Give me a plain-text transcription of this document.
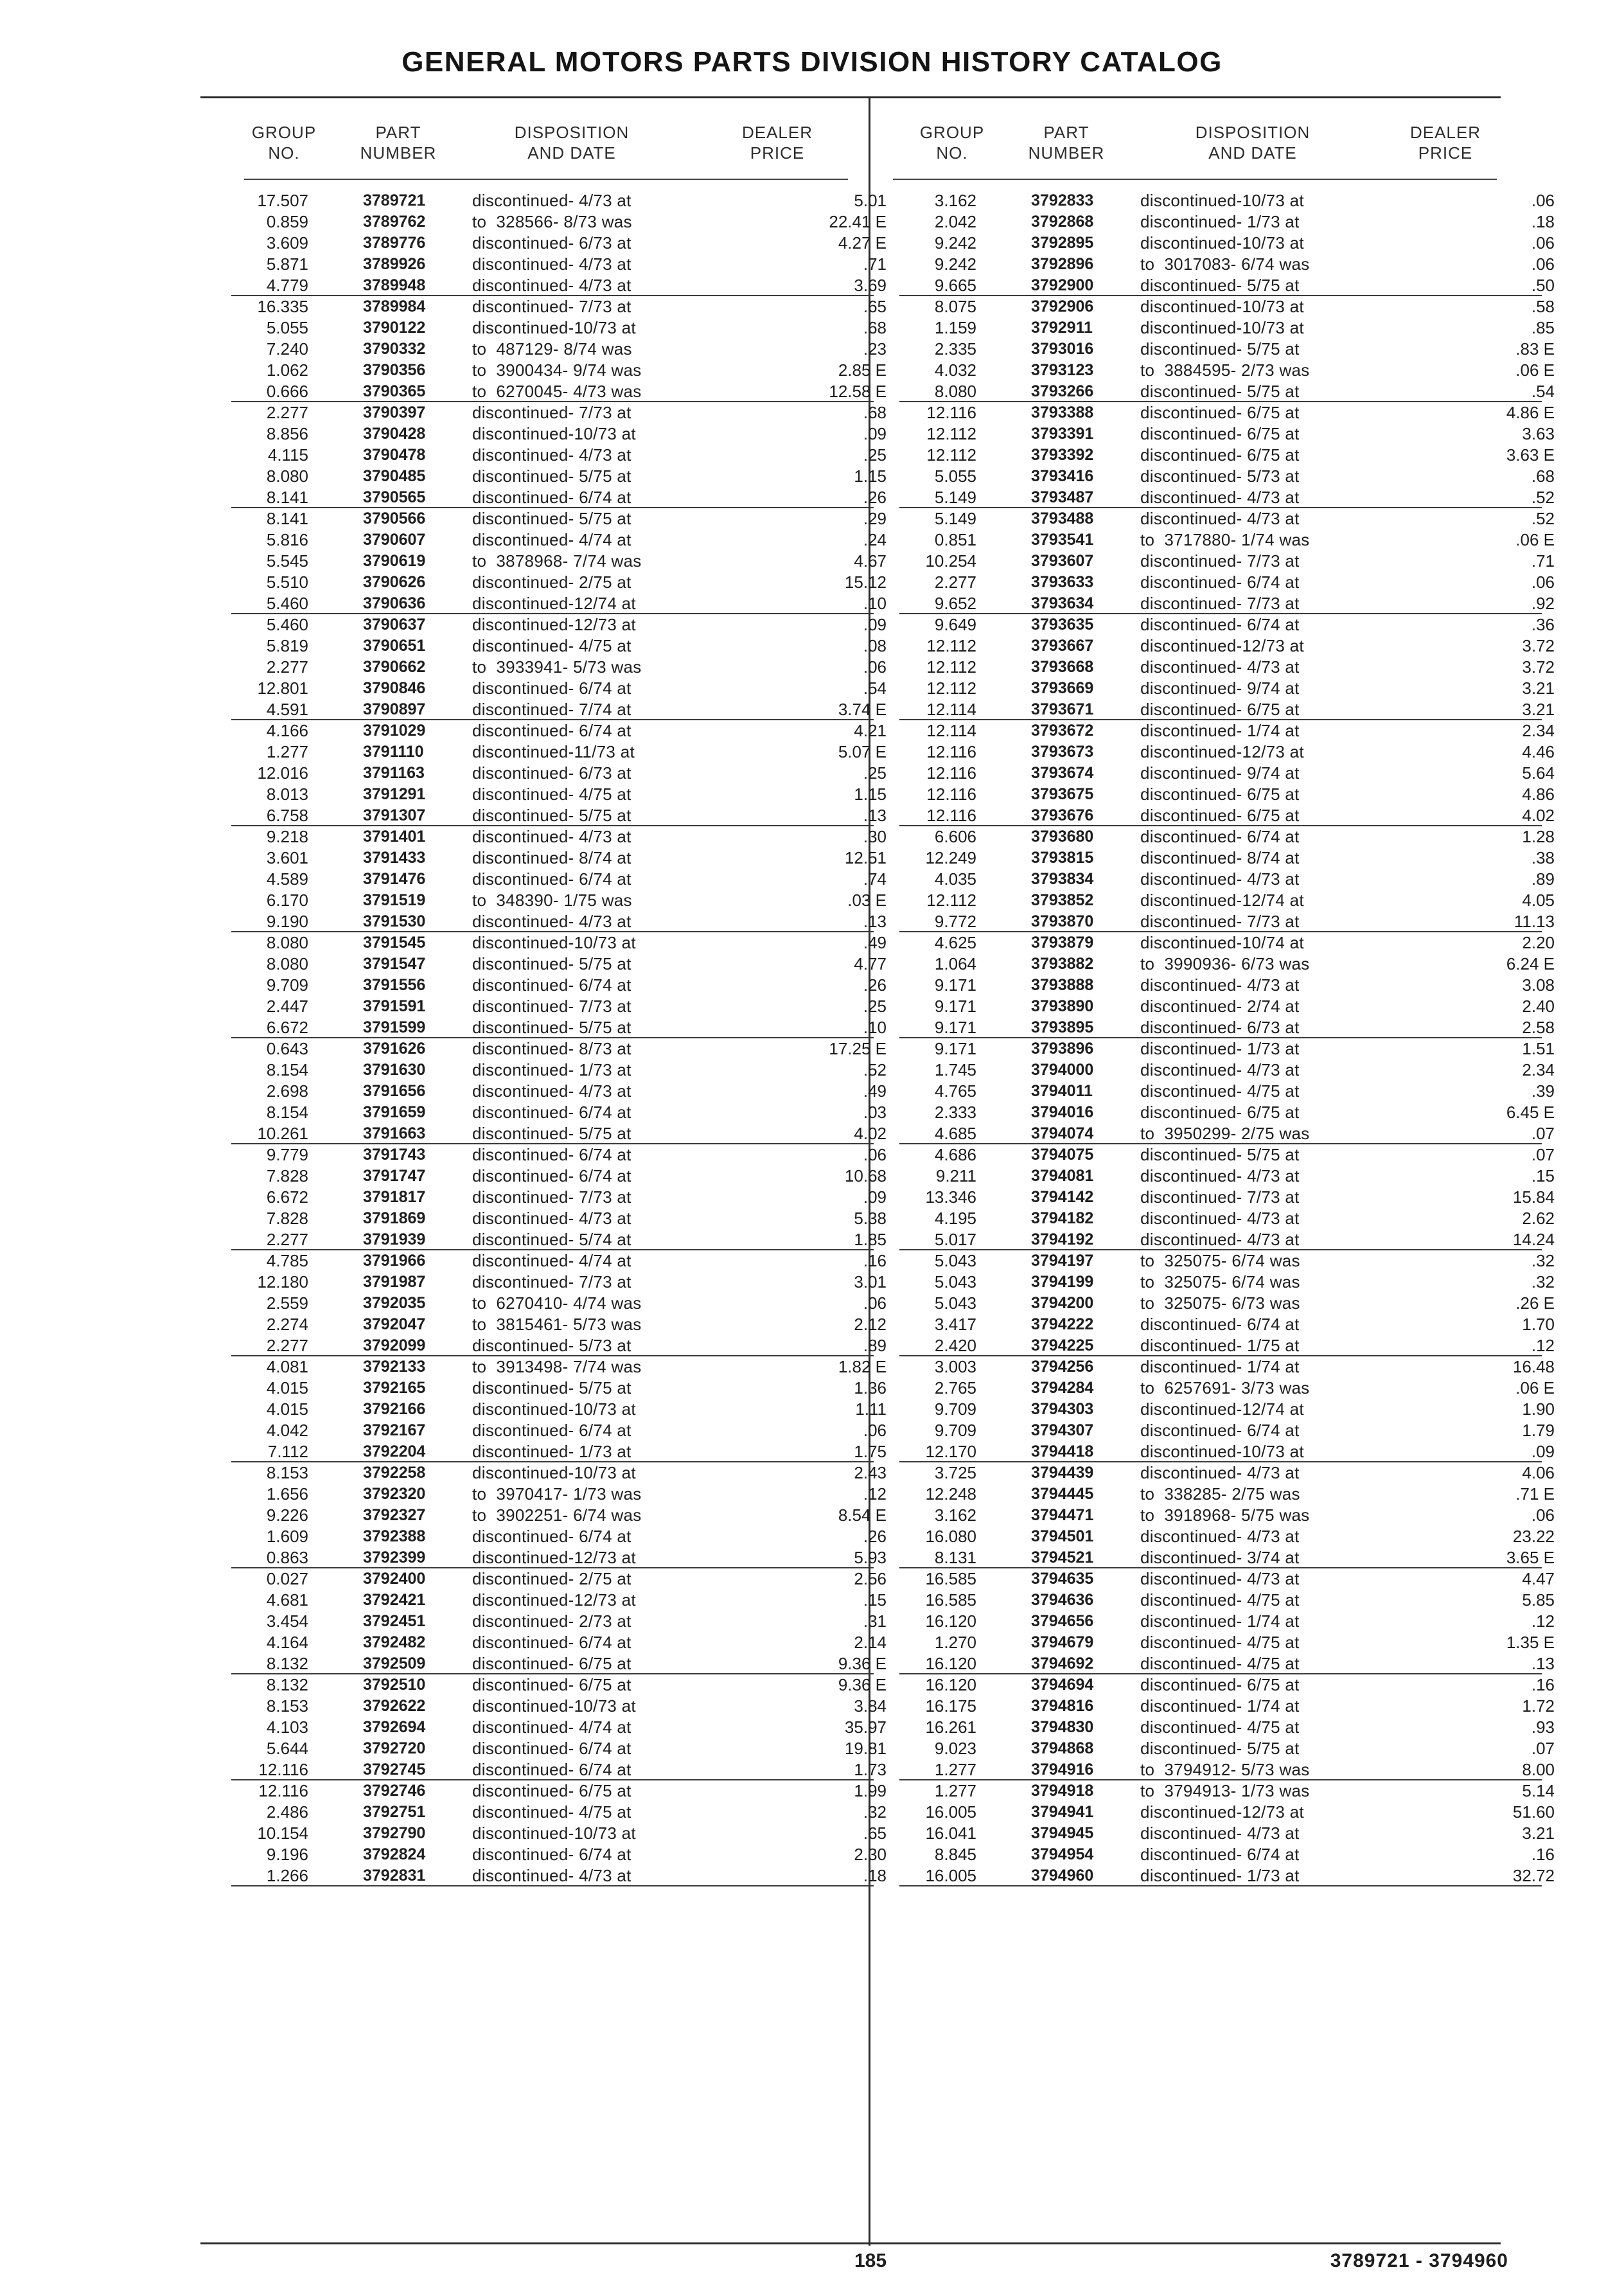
GENERAL MOTORS PARTS DIVISION HISTORY CATALOG
GROUP
NO.
PART
NUMBER
DISPOSITION
AND DATE
DEALER
PRICE
GROUP
NO.
PART
NUMBER
DISPOSITION
AND DATE
DEALER
PRICE
17.507	3789721	discontinued- 4/73 at	5.01
0.859	3789762	to  328566- 8/73 was	22.41 E
3.609	3789776	discontinued- 6/73 at	4.27 E
5.871	3789926	discontinued- 4/73 at	.71
4.779	3789948	discontinued- 4/73 at	3.69
16.335	3789984	discontinued- 7/73 at	.65
5.055	3790122	discontinued-10/73 at	.68
7.240	3790332	to  487129- 8/74 was	.23
1.062	3790356	to  3900434- 9/74 was	2.85 E
0.666	3790365	to  6270045- 4/73 was	12.58 E
2.277	3790397	discontinued- 7/73 at	.68
8.856	3790428	discontinued-10/73 at	.09
4.115	3790478	discontinued- 4/73 at	.25
8.080	3790485	discontinued- 5/75 at	1.15
8.141	3790565	discontinued- 6/74 at	.26
8.141	3790566	discontinued- 5/75 at	.29
5.816	3790607	discontinued- 4/74 at	.24
5.545	3790619	to  3878968- 7/74 was	4.67
5.510	3790626	discontinued- 2/75 at	15.12
5.460	3790636	discontinued-12/74 at	.10
5.460	3790637	discontinued-12/73 at	.09
5.819	3790651	discontinued- 4/75 at	.08
2.277	3790662	to  3933941- 5/73 was	.06
12.801	3790846	discontinued- 6/74 at	.54
4.591	3790897	discontinued- 7/74 at	3.74 E
4.166	3791029	discontinued- 6/74 at	4.21
1.277	3791110	discontinued-11/73 at	5.07 E
12.016	3791163	discontinued- 6/73 at	.25
8.013	3791291	discontinued- 4/75 at	1.15
6.758	3791307	discontinued- 5/75 at	.13
9.218	3791401	discontinued- 4/73 at	.30
3.601	3791433	discontinued- 8/74 at	12.51
4.589	3791476	discontinued- 6/74 at	.74
6.170	3791519	to  348390- 1/75 was	.03 E
9.190	3791530	discontinued- 4/73 at	.13
8.080	3791545	discontinued-10/73 at	.49
8.080	3791547	discontinued- 5/75 at	4.77
9.709	3791556	discontinued- 6/74 at	.26
2.447	3791591	discontinued- 7/73 at	.25
6.672	3791599	discontinued- 5/75 at	.10
0.643	3791626	discontinued- 8/73 at	17.25 E
8.154	3791630	discontinued- 1/73 at	.52
2.698	3791656	discontinued- 4/73 at	.49
8.154	3791659	discontinued- 6/74 at	.03
10.261	3791663	discontinued- 5/75 at	4.02
9.779	3791743	discontinued- 6/74 at	.06
7.828	3791747	discontinued- 6/74 at	10.68
6.672	3791817	discontinued- 7/73 at	.09
7.828	3791869	discontinued- 4/73 at	5.38
2.277	3791939	discontinued- 5/74 at	1.85
4.785	3791966	discontinued- 4/74 at	.16
12.180	3791987	discontinued- 7/73 at	3.01
2.559	3792035	to  6270410- 4/74 was	.06
2.274	3792047	to  3815461- 5/73 was	2.12
2.277	3792099	discontinued- 5/73 at	.89
4.081	3792133	to  3913498- 7/74 was	1.82 E
4.015	3792165	discontinued- 5/75 at	1.36
4.015	3792166	discontinued-10/73 at	1.11
4.042	3792167	discontinued- 6/74 at	.06
7.112	3792204	discontinued- 1/73 at	1.75
8.153	3792258	discontinued-10/73 at	2.43
1.656	3792320	to  3970417- 1/73 was	.12
9.226	3792327	to  3902251- 6/74 was	8.54 E
1.609	3792388	discontinued- 6/74 at	.26
0.863	3792399	discontinued-12/73 at	5.93
0.027	3792400	discontinued- 2/75 at	2.56
4.681	3792421	discontinued-12/73 at	.15
3.454	3792451	discontinued- 2/73 at	.31
4.164	3792482	discontinued- 6/74 at	2.14
8.132	3792509	discontinued- 6/75 at	9.36 E
8.132	3792510	discontinued- 6/75 at	9.36 E
8.153	3792622	discontinued-10/73 at	3.84
4.103	3792694	discontinued- 4/74 at	35.97
5.644	3792720	discontinued- 6/74 at	19.81
12.116	3792745	discontinued- 6/74 at	1.73
12.116	3792746	discontinued- 6/75 at	1.99
2.486	3792751	discontinued- 4/75 at	.32
10.154	3792790	discontinued-10/73 at	.65
9.196	3792824	discontinued- 6/74 at	2.30
1.266	3792831	discontinued- 4/73 at	.18
3.162	3792833	discontinued-10/73 at	.06
2.042	3792868	discontinued- 1/73 at	.18
9.242	3792895	discontinued-10/73 at	.06
9.242	3792896	to  3017083- 6/74 was	.06
9.665	3792900	discontinued- 5/75 at	.50
8.075	3792906	discontinued-10/73 at	.58
1.159	3792911	discontinued-10/73 at	.85
2.335	3793016	discontinued- 5/75 at	.83 E
4.032	3793123	to  3884595- 2/73 was	.06 E
8.080	3793266	discontinued- 5/75 at	.54
12.116	3793388	discontinued- 6/75 at	4.86 E
12.112	3793391	discontinued- 6/75 at	3.63
12.112	3793392	discontinued- 6/75 at	3.63 E
5.055	3793416	discontinued- 5/73 at	.68
5.149	3793487	discontinued- 4/73 at	.52
5.149	3793488	discontinued- 4/73 at	.52
0.851	3793541	to  3717880- 1/74 was	.06 E
10.254	3793607	discontinued- 7/73 at	.71
2.277	3793633	discontinued- 6/74 at	.06
9.652	3793634	discontinued- 7/73 at	.92
9.649	3793635	discontinued- 6/74 at	.36
12.112	3793667	discontinued-12/73 at	3.72
12.112	3793668	discontinued- 4/73 at	3.72
12.112	3793669	discontinued- 9/74 at	3.21
12.114	3793671	discontinued- 6/75 at	3.21
12.114	3793672	discontinued- 1/74 at	2.34
12.116	3793673	discontinued-12/73 at	4.46
12.116	3793674	discontinued- 9/74 at	5.64
12.116	3793675	discontinued- 6/75 at	4.86
12.116	3793676	discontinued- 6/75 at	4.02
6.606	3793680	discontinued- 6/74 at	1.28
12.249	3793815	discontinued- 8/74 at	.38
4.035	3793834	discontinued- 4/73 at	.89
12.112	3793852	discontinued-12/74 at	4.05
9.772	3793870	discontinued- 7/73 at	11.13
4.625	3793879	discontinued-10/74 at	2.20
1.064	3793882	to  3990936- 6/73 was	6.24 E
9.171	3793888	discontinued- 4/73 at	3.08
9.171	3793890	discontinued- 2/74 at	2.40
9.171	3793895	discontinued- 6/73 at	2.58
9.171	3793896	discontinued- 1/73 at	1.51
1.745	3794000	discontinued- 4/73 at	2.34
4.765	3794011	discontinued- 4/75 at	.39
2.333	3794016	discontinued- 6/75 at	6.45 E
4.685	3794074	to  3950299- 2/75 was	.07
4.686	3794075	discontinued- 5/75 at	.07
9.211	3794081	discontinued- 4/73 at	.15
13.346	3794142	discontinued- 7/73 at	15.84
4.195	3794182	discontinued- 4/73 at	2.62
5.017	3794192	discontinued- 4/73 at	14.24
5.043	3794197	to  325075- 6/74 was	.32
5.043	3794199	to  325075- 6/74 was	.32
5.043	3794200	to  325075- 6/73 was	.26 E
3.417	3794222	discontinued- 6/74 at	1.70
2.420	3794225	discontinued- 1/75 at	.12
3.003	3794256	discontinued- 1/74 at	16.48
2.765	3794284	to  6257691- 3/73 was	.06 E
9.709	3794303	discontinued-12/74 at	1.90
9.709	3794307	discontinued- 6/74 at	1.79
12.170	3794418	discontinued-10/73 at	.09
3.725	3794439	discontinued- 4/73 at	4.06
12.248	3794445	to  338285- 2/75 was	.71 E
3.162	3794471	to  3918968- 5/75 was	.06
16.080	3794501	discontinued- 4/73 at	23.22
8.131	3794521	discontinued- 3/74 at	3.65 E
16.585	3794635	discontinued- 4/73 at	4.47
16.585	3794636	discontinued- 4/75 at	5.85
16.120	3794656	discontinued- 1/74 at	.12
1.270	3794679	discontinued- 4/75 at	1.35 E
16.120	3794692	discontinued- 4/75 at	.13
16.120	3794694	discontinued- 6/75 at	.16
16.175	3794816	discontinued- 1/74 at	1.72
16.261	3794830	discontinued- 4/75 at	.93
9.023	3794868	discontinued- 5/75 at	.07
1.277	3794916	to  3794912- 5/73 was	8.00
1.277	3794918	to  3794913- 1/73 was	5.14
16.005	3794941	discontinued-12/73 at	51.60
16.041	3794945	discontinued- 4/73 at	3.21
8.845	3794954	discontinued- 6/74 at	.16
16.005	3794960	discontinued- 1/73 at	32.72
185	3789721 - 3794960
